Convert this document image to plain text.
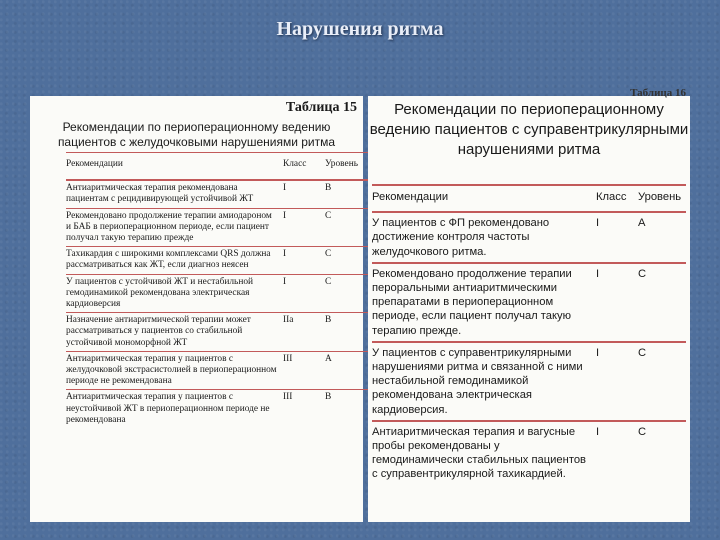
Нарушения ритма
Таблица 15
Рекомендации по периоперационному ведению
пациентов с желудочковыми нарушениями ритма
Рекомендации	Класс	Уровень
Антиаритмическая терапия рекомендована пациентам с рецидивирующей устойчивой ЖТ
I	B
Рекомендовано продолжение терапии амиодароном и БАБ в периоперационном периоде, если пациент получал такую терапию прежде
I	C
Тахикардия с широкими комплексами QRS должна рассматриваться как ЖТ, если диагноз неясен
I	C
У пациентов с устойчивой ЖТ и нестабильной гемодинамикой рекомендована электрическая кардиоверсия
I	C
Назначение антиаритмической терапии может рассматриваться у пациентов со стабильной устойчивой мономорфной ЖТ
IIa	B
Антиаритмическая терапия у пациентов с желудочковой экстрасистолией в периоперационном периоде не рекомендована
III	A
Антиаритмическая терапия у пациентов с неустойчивой ЖТ в периоперационном периоде не рекомендована
III	B
Таблица 16
Рекомендации по периоперационному
ведению пациентов с суправентрикулярными
нарушениями ритма
Рекомендации	Класс	Уровень
У пациентов с ФП рекомендовано достижение контроля частоты желудочкового ритма.
I	A
Рекомендовано продолжение терапии пероральными антиаритмическими препаратами в периоперационном периоде, если пациент получал такую терапию прежде.
I	C
У пациентов с суправентрикулярными нарушениями ритма и связанной с ними нестабильной гемодинамикой рекомендована электрическая кардиоверсия.
I	C
Антиаритмическая терапия и вагусные пробы рекомендованы у гемодинамически стабильных пациентов с суправентрикулярной тахикардией.
I	C
